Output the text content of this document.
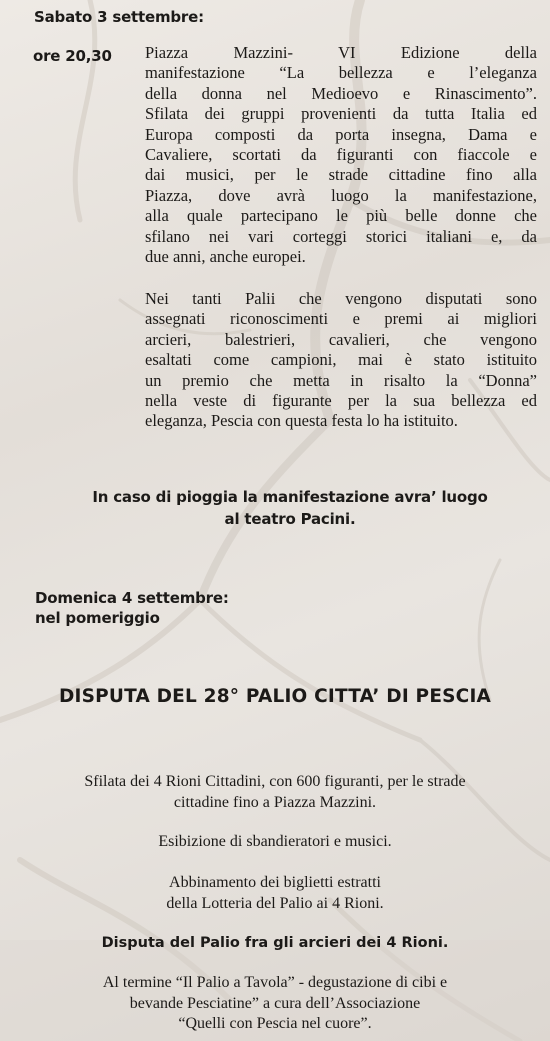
Sabato 3 settembre:
ore 20,30 Piazza Mazzini- VI Edizione della
manifestazione “La bellezza e l’eleganza
della donna nel Medioevo e Rinascimento”.
Sfilata dei gruppi provenienti da tutta Italia ed
Europa composti da porta insegna, Dama e
Cavaliere, scortati da figuranti con fiaccole e
dai musici, per le strade cittadine fino alla
Piazza, dove avrà luogo la manifestazione,
alla quale partecipano le più belle donne che
sfilano nei vari corteggi storici italiani e, da
due anni, anche europei.

Nei tanti Palii che vengono disputati sono
assegnati riconoscimenti e premi ai migliori
arcieri, balestrieri, cavalieri, che vengono
esaltati come campioni, mai è stato istituito
un premio che metta in risalto la “Donna”
nella veste di figurante per la sua bellezza ed
eleganza, Pescia con questa festa lo ha istituito.

In caso di pioggia la manifestazione avra’ luogo
al teatro Pacini.
Domenica 4 settembre:
nel pomeriggio
DISPUTA DEL 28° PALIO CITTA’ DI PESCIA
Sfilata dei 4 Rioni Cittadini, con 600 figuranti, per le strade
cittadine fino a Piazza Mazzini.
Esibizione di sbandieratori e musici.
Abbinamento dei biglietti estratti
della Lotteria del Palio ai 4 Rioni.
Disputa del Palio fra gli arcieri dei 4 Rioni.
Al termine “Il Palio a Tavola” - degustazione di cibi e
bevande Pesciatine” a cura dell’Associazione
“Quelli con Pescia nel cuore”.
